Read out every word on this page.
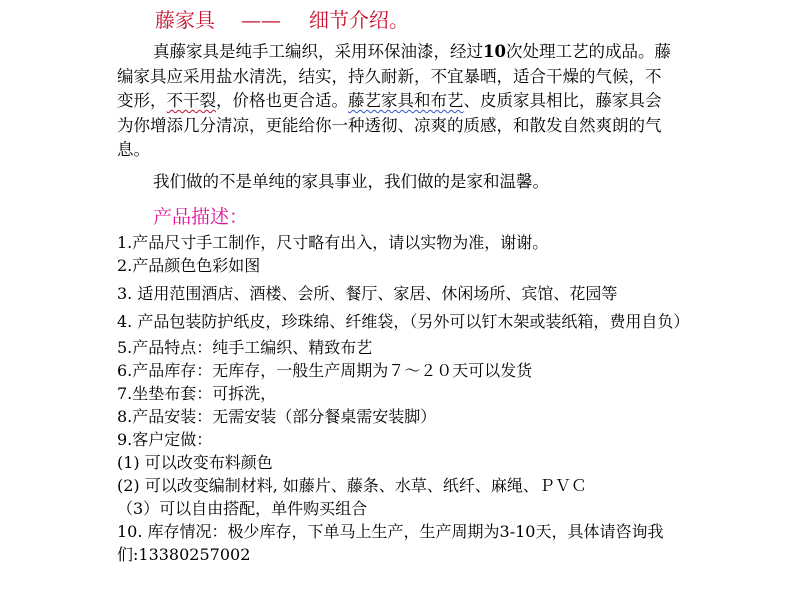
藤家具 —— 细节介绍。

真藤家具是纯手工编织，采用环保油漆，经过10次处理工艺的成品。藤编家具应采用盐水清洗，结实，持久耐新，不宜暴晒，适合干燥的气候，不变形，不干裂，价格也更合适。藤艺家具和布艺、皮质家具相比，藤家具会为你增添几分清凉，更能给你一种透彻、凉爽的质感，和散发自然爽朗的气息。

我们做的不是单纯的家具事业，我们做的是家和温馨。

产品描述：
1.产品尺寸手工制作，尺寸略有出入，请以实物为准，谢谢。
2.产品颜色色彩如图
3. 适用范围酒店、酒楼、会所、餐厅、家居、休闲场所、宾馆、花园等
4. 产品包装防护纸皮，珍珠绵、纤维袋，（另外可以钉木架或装纸箱，费用自负）
5.产品特点：纯手工编织、精致布艺
6.产品库存：无库存，一般生产周期为７～２０天可以发货
7.坐垫布套：可拆洗，
8.产品安装：无需安装（部分餐桌需安装脚）
9.客户定做：
(1) 可以改变布料颜色
(2) 可以改变编制材料, 如藤片、藤条、水草、纸纤、麻绳、ＰＶＣ
（3）可以自由搭配，单件购买组合
10. 库存情况：极少库存，下单马上生产，生产周期为3-10天，具体请咨询我们:13380257002
